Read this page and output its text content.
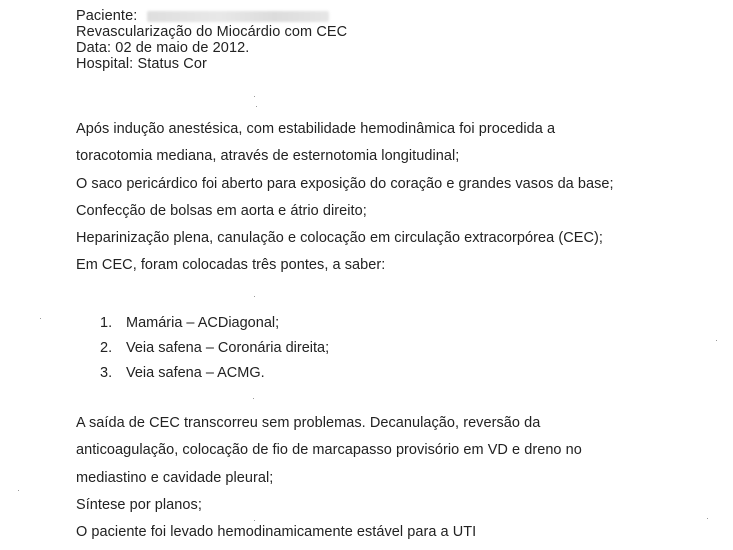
Paciente:
Revascularização do Miocárdio com CEC
Data: 02 de maio de 2012.
Hospital: Status Cor
Após indução anestésica, com estabilidade hemodinâmica foi procedida a
toracotomia mediana, através de esternotomia longitudinal;
O saco pericárdico foi aberto para exposição do coração e grandes vasos da base;
Confecção de bolsas em aorta e átrio direito;
Heparinização plena, canulação e colocação em circulação extracorpórea (CEC);
Em CEC, foram colocadas três pontes, a saber:
1. Mamária – ACDiagonal;
2. Veia safena – Coronária direita;
3. Veia safena – ACMG.
A saída de CEC transcorreu sem problemas. Decanulação, reversão da
anticoagulação, colocação de fio de marcapasso provisório em VD e dreno no
mediastino e cavidade pleural;
Síntese por planos;
O paciente foi levado hemodinamicamente estável para a UTI
